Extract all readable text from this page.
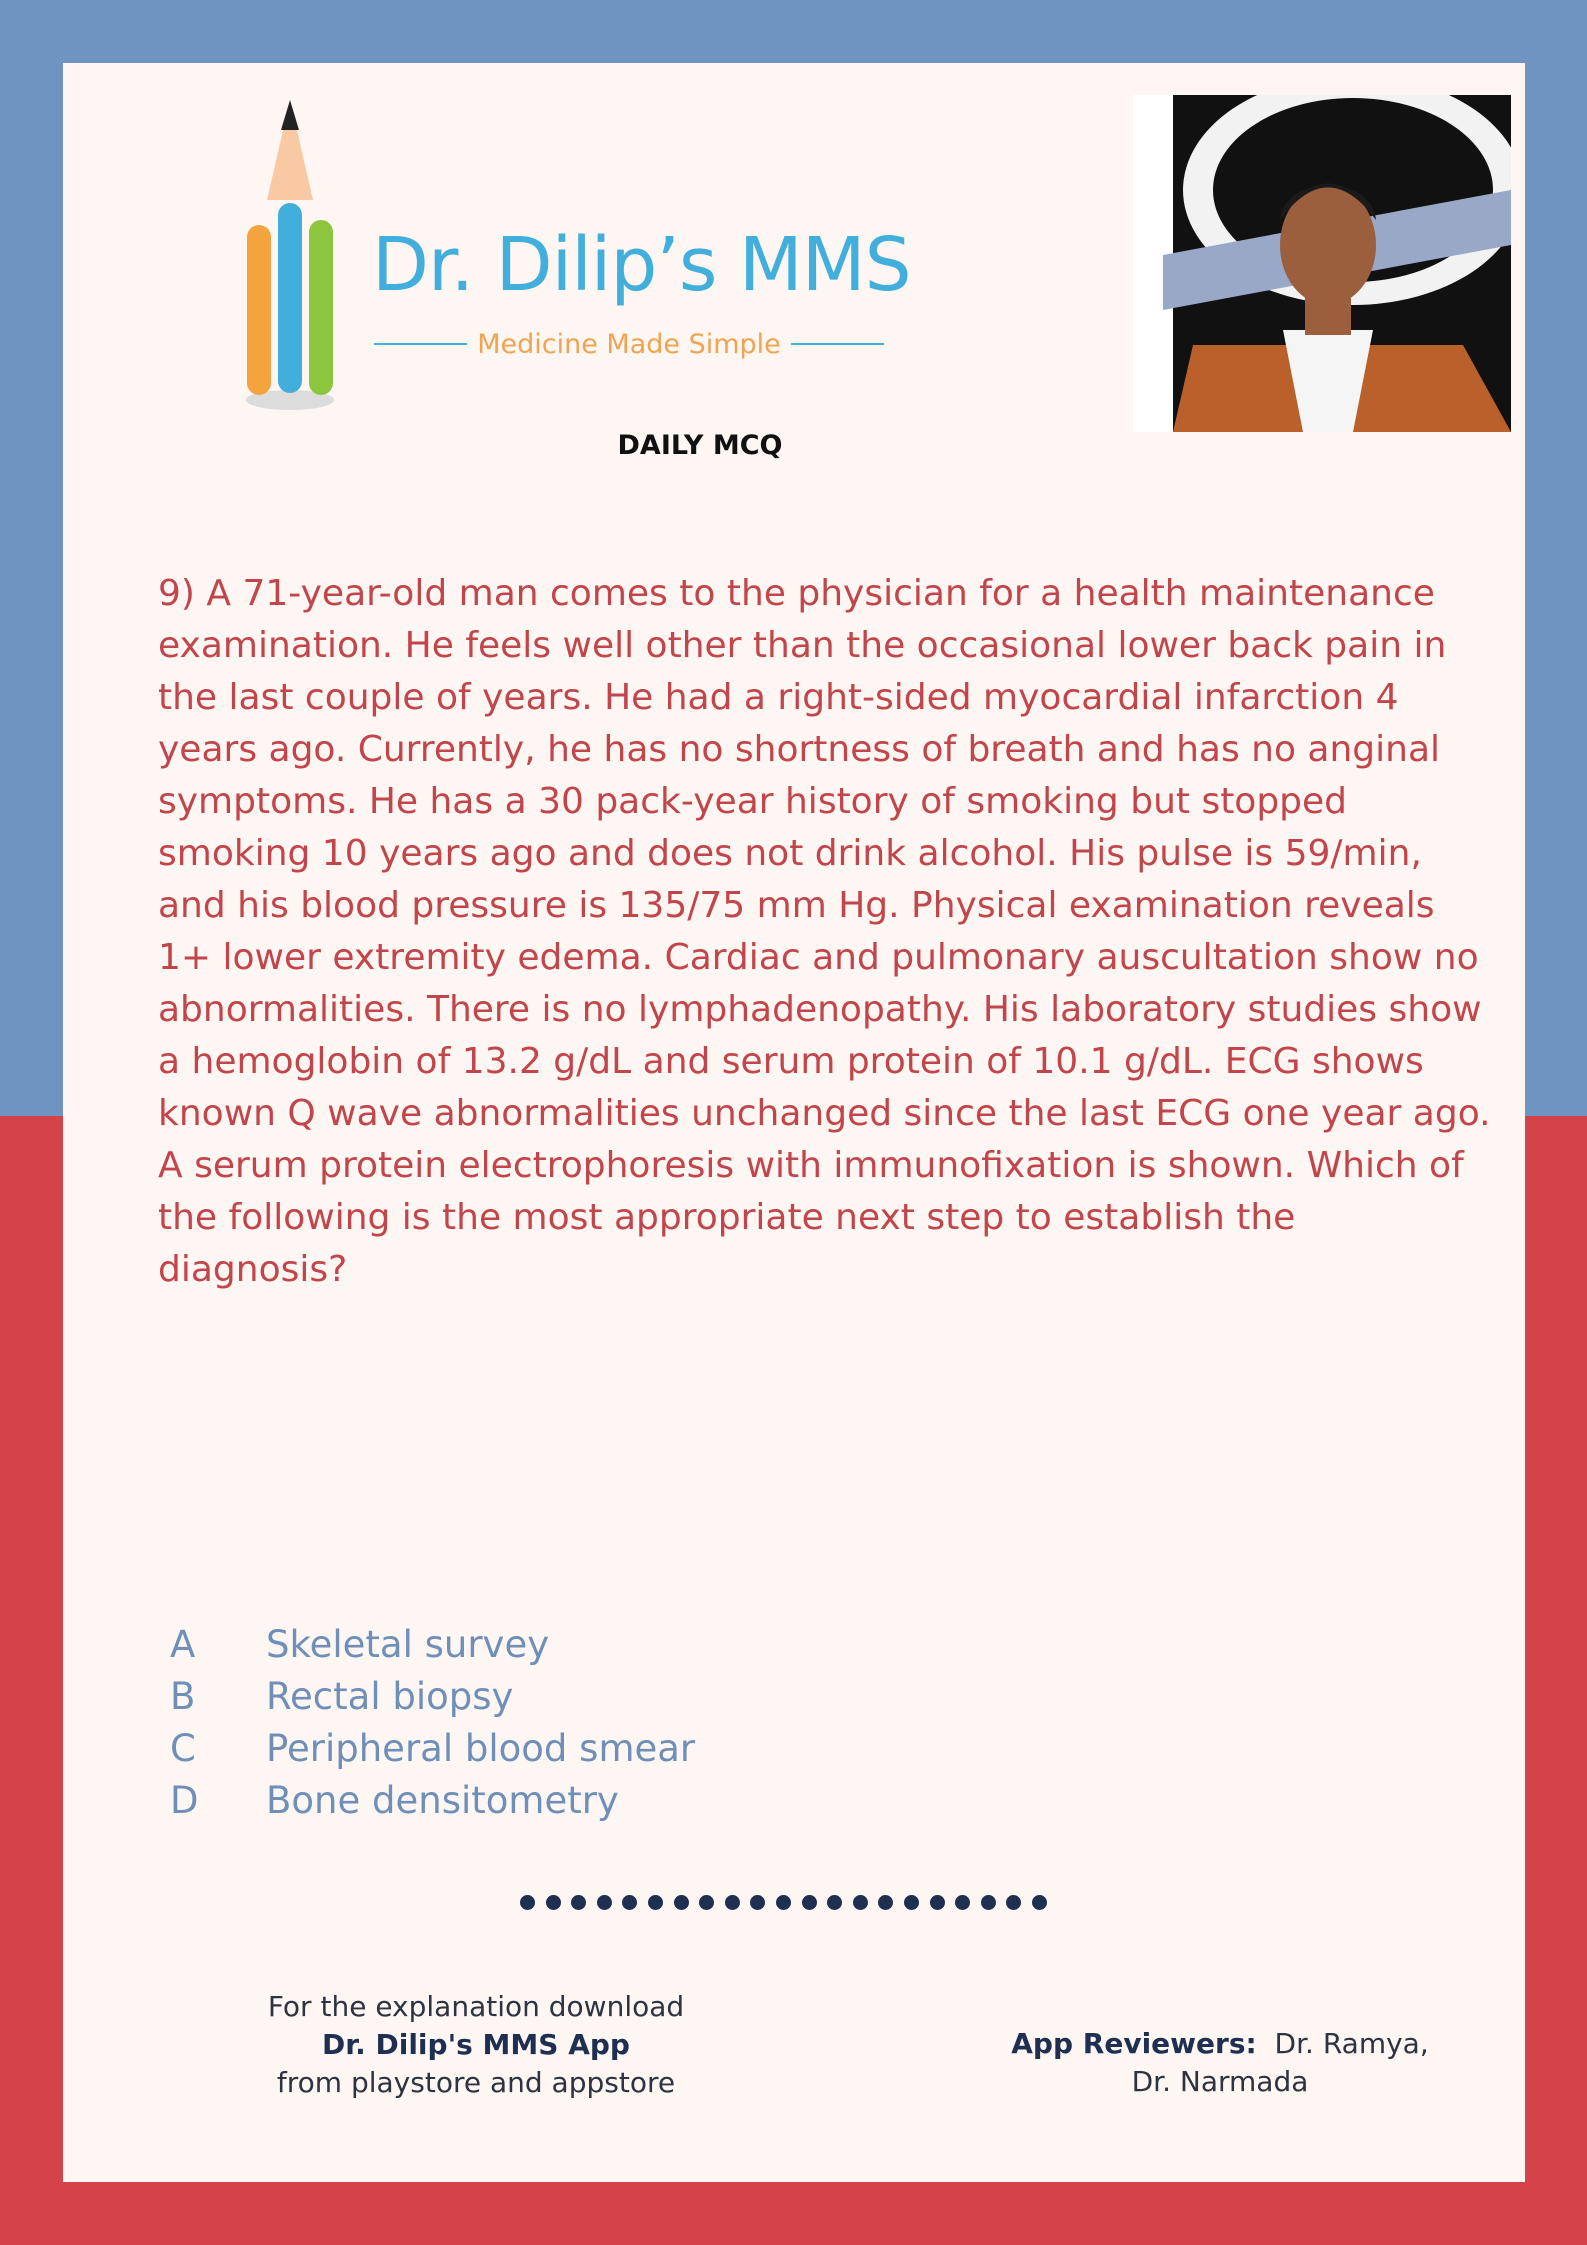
Dr. Dilip’s MMS
Medicine Made Simple
DAILY MCQ
9) A 71-year-old man comes to the physician for a health maintenance examination. He feels well other than the occasional lower back pain in the last couple of years. He had a right-sided myocardial infarction 4 years ago. Currently, he has no shortness of breath and has no anginal symptoms. He has a 30 pack-year history of smoking but stopped smoking 10 years ago and does not drink alcohol. His pulse is 59/min, and his blood pressure is 135/75 mm Hg. Physical examination reveals 1+ lower extremity edema. Cardiac and pulmonary auscultation show no abnormalities. There is no lymphadenopathy. His laboratory studies show a hemoglobin of 13.2 g/dL and serum protein of 10.1 g/dL. ECG shows known Q wave abnormalities unchanged since the last ECG one year ago. A serum protein electrophoresis with immunofixation is shown. Which of the following is the most appropriate next step to establish the diagnosis?
A	Skeletal survey
B	Rectal biopsy
C	Peripheral blood smear
D	Bone densitometry
For the explanation download
Dr. Dilip's MMS App
from playstore and appstore
App Reviewers: Dr. Ramya,
Dr. Narmada
